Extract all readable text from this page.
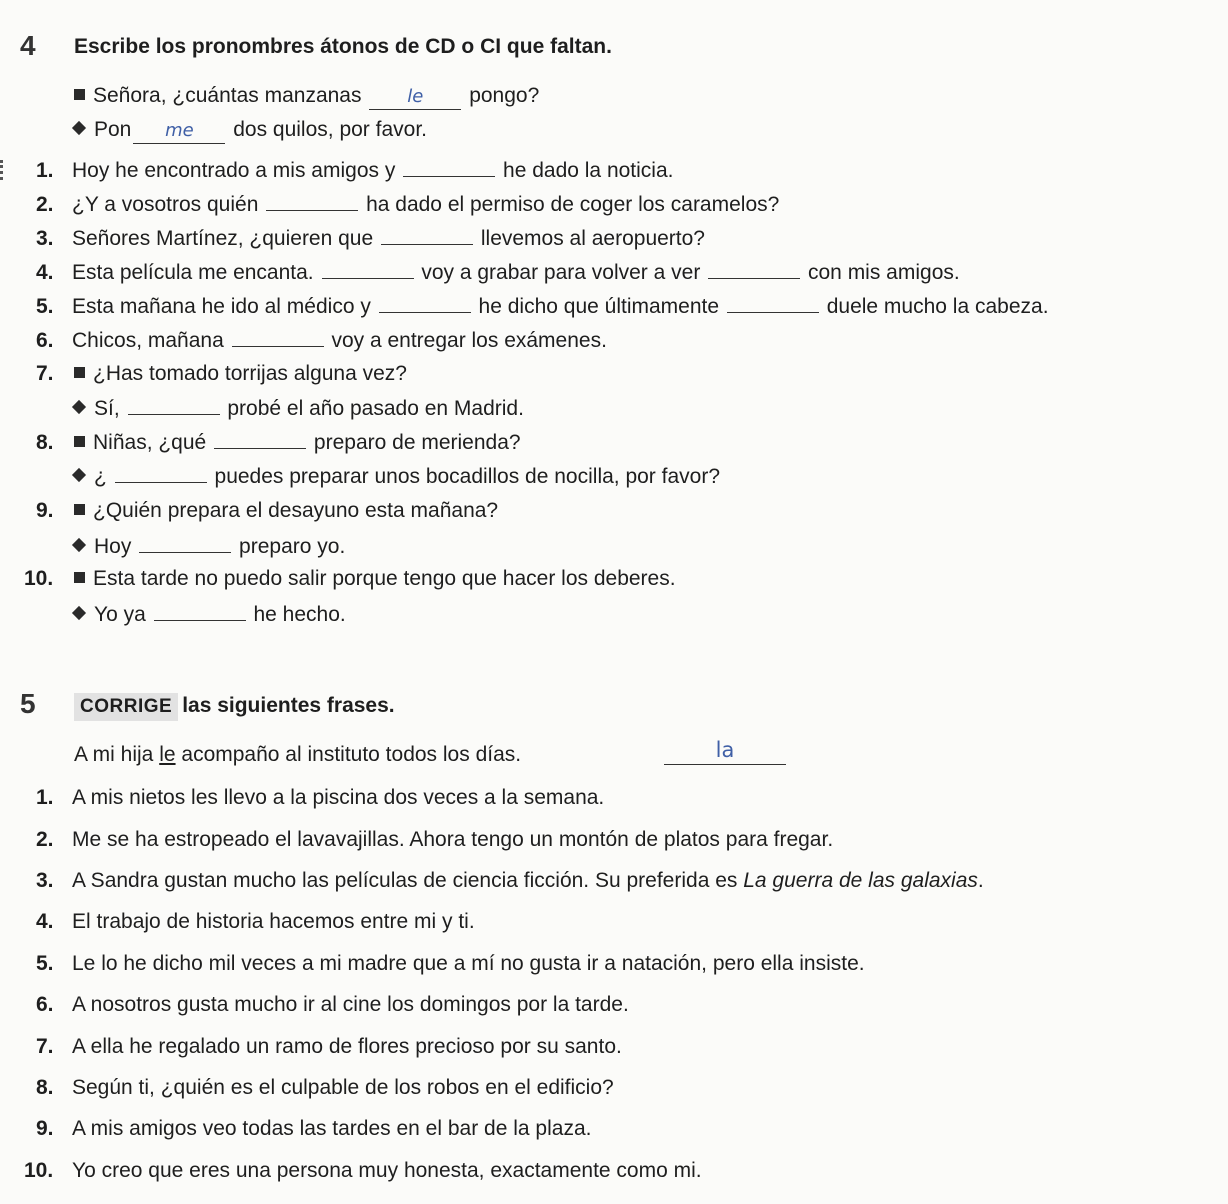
4 Escribe los pronombres átonos de CD o CI que faltan.
Señora, ¿cuántas manzanas	le pongo?
Pon me dos quilos, por favor.
1. Hoy he encontrado a mis amigos y	he dado la noticia.
2. ¿Y a vosotros quién	ha dado el permiso de coger los caramelos?
3. Señores Martínez, ¿quieren que	llevemos al aeropuerto?
4. Esta película me encanta.	voy a grabar para volver a ver	con mis amigos.
5. Esta mañana he ido al médico y	he dicho que últimamente	duele mucho la cabeza.
6. Chicos, mañana	voy a entregar los exámenes.
7. ¿Has tomado torrijas alguna vez?
Sí,	probé el año pasado en Madrid.
8. Niñas, ¿qué	preparo de merienda?
¿	puedes preparar unos bocadillos de nocilla, por favor?
9. ¿Quién prepara el desayuno esta mañana?
Hoy	preparo yo.
10. Esta tarde no puedo salir porque tengo que hacer los deberes.
Yo ya	he hecho.
5	CORRIGE las siguientes frases.
A mi hija le acompaño al instituto todos los días.	la
1. A mis nietos les llevo a la piscina dos veces a la semana.
2. Me se ha estropeado el lavavajillas. Ahora tengo un montón de platos para fregar.
3. A Sandra gustan mucho las películas de ciencia ficción. Su preferida es La guerra de las galaxias.
4. El trabajo de historia hacemos entre mi y ti.
5. Le lo he dicho mil veces a mi madre que a mí no gusta ir a natación, pero ella insiste.
6. A nosotros gusta mucho ir al cine los domingos por la tarde.
7. A ella he regalado un ramo de flores precioso por su santo.
8. Según ti, ¿quién es el culpable de los robos en el edificio?
9. A mis amigos veo todas las tardes en el bar de la plaza.
10. Yo creo que eres una persona muy honesta, exactamente como mi.
